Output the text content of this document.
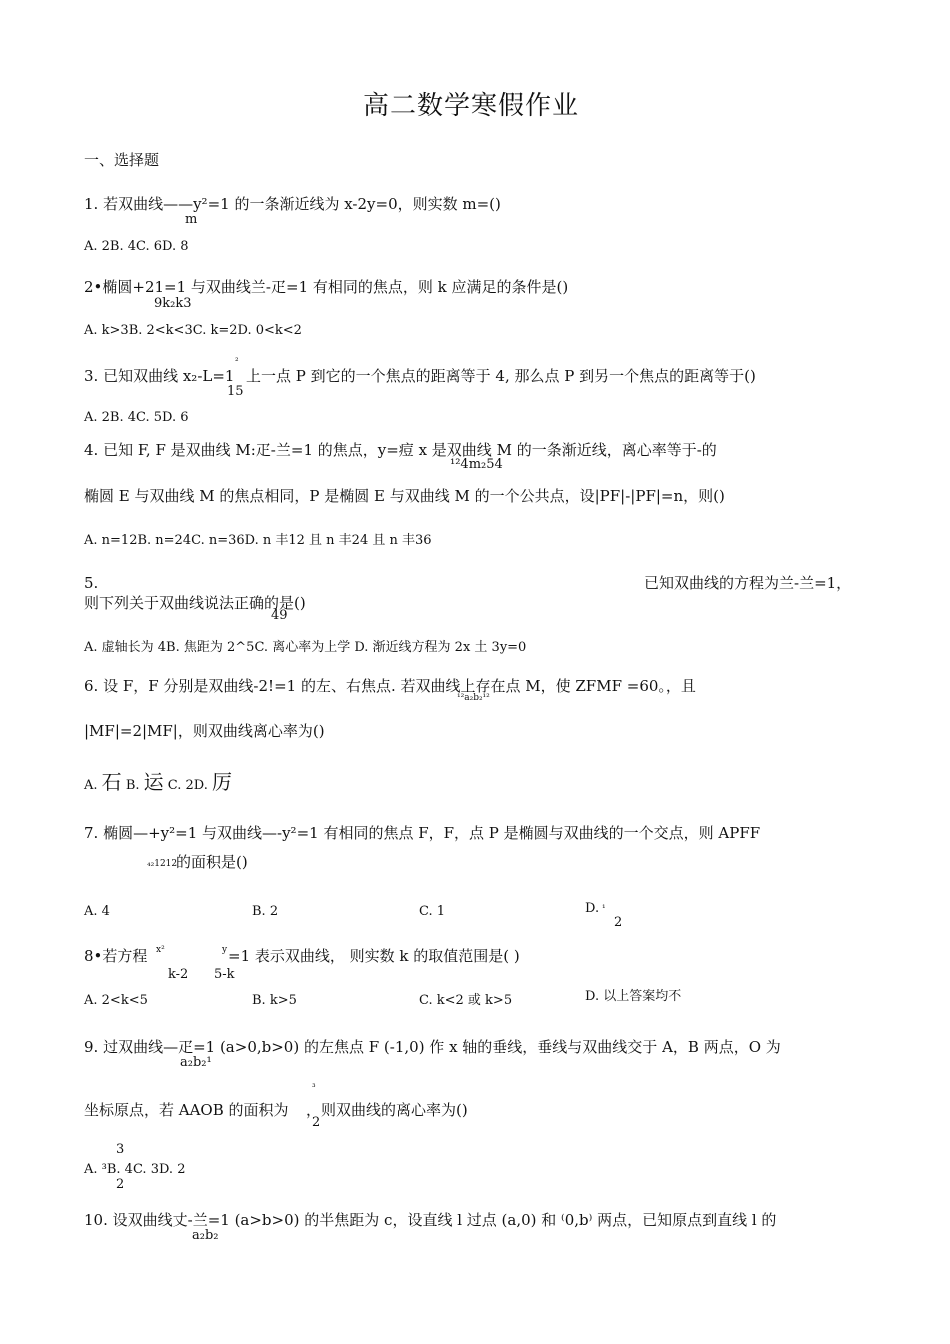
高二数学寒假作业
一、选择题
1. 若双曲线——y²=1 的一条渐近线为 x-2y=0，则实数 m=()
m
A. 2B. 4C. 6D. 8
2•椭圆+21=1 与双曲线兰-疋=1 有相同的焦点，则 k 应满足的条件是()
9k₂k3
A. k>3B. 2<k<3C. k=2D. 0<k<2
²
3. 已知双曲线 x₂-L=1 上一点 P 到它的一个焦点的距离等于 4, 那么点 P 到另一个焦点的距离等于()
15
A. 2B. 4C. 5D. 6
4. 已知 F, F 是双曲线 M:疋-兰=1 的焦点，y=痘 x 是双曲线 M 的一条渐近线，离心率等于-的
¹²4m₂54
椭圆 E 与双曲线 M 的焦点相同，P 是椭圆 E 与双曲线 M 的一个公共点，设|PF|-|PF|=n，则()
A. n=12B. n=24C. n=36D. n 丰12 且 n 丰24 且 n 丰36
5.	已知双曲线的方程为兰-兰=1，
则下列关于双曲线说法正确的是()
49
A. 虚轴长为 4B. 焦距为 2^5C. 离心率为上学 D. 渐近线方程为 2x 土 3y=0
6. 设 F，F 分别是双曲线-2!=1 的左、右焦点. 若双曲线上存在点 M，使 ZFMF =60。，且
¹²a₂b₂¹²
|MF|=2|MF|，则双曲线离心率为()
A. 石 B. 运 C. 2D. 厉
7. 椭圆—+y²=1 与双曲线—-y²=1 有相同的焦点 F，F，点 P 是椭圆与双曲线的一个交点，则 APFF
₄₂1212
的面积是()
A. 4	B. 2	C. 1	D. ¹
2
8•若方程 x²	y =1 表示双曲线， 则实数 k 的取值范围是( )
k-2 5-k
A. 2<k<5	B. k>5	C. k<2 或 k>5	D. 以上答案均不
9. 过双曲线—疋=1 (a>0,b>0) 的左焦点 F (-1,0) 作 x 轴的垂线，垂线与双曲线交于 A，B 两点，O 为
a₂b₂¹
坐标原点，若 AAOB 的面积为
³
，则双曲线的离心率为()
2
3
A. ³B. 4C. 3D. 2
2
10. 设双曲线丈-兰=1 (a>b>0) 的半焦距为 c，设直线 l 过点 (a,0) 和 ⁽0,b⁾ 两点，已知原点到直线 l 的
a₂b₂
